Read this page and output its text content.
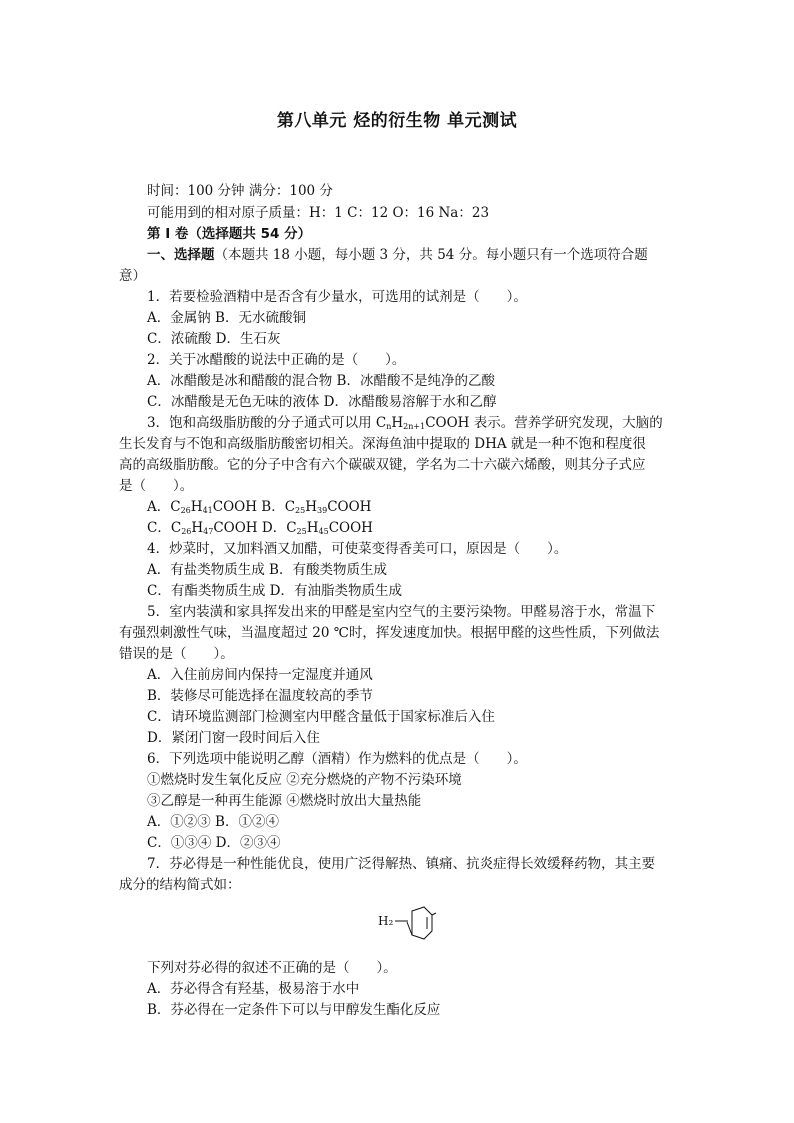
第八单元 烃的衍生物 单元测试
时间：100 分钟 满分：100 分
可能用到的相对原子质量：H：1 C：12 O：16 Na：23
第 I 卷（选择题共 54 分）
一、选择题（本题共 18 小题，每小题 3 分，共 54 分。每小题只有一个选项符合题
意）
1．若要检验酒精中是否含有少量水，可选用的试剂是（　　）。
A．金属钠 B．无水硫酸铜
C．浓硫酸 D．生石灰
2．关于冰醋酸的说法中正确的是（　　）。
A．冰醋酸是冰和醋酸的混合物 B．冰醋酸不是纯净的乙酸
C．冰醋酸是无色无味的液体 D．冰醋酸易溶解于水和乙醇
3．饱和高级脂肪酸的分子通式可以用 $C_nH_{2n+1}COOH$ 表示。营养学研究发现，大脑的
生长发育与不饱和高级脂肪酸密切相关。深海鱼油中提取的 DHA 就是一种不饱和程度很
高的高级脂肪酸。它的分子中含有六个碳碳双键，学名为二十六碳六烯酸，则其分子式应
是（　　）。
A．$C_{26}H_{41}COOH$ B．$C_{25}H_{39}COOH$
C．$C_{26}H_{47}COOH$ D．$C_{25}H_{45}COOH$
4．炒菜时，又加料酒又加醋，可使菜变得香美可口，原因是（　　）。
A．有盐类物质生成 B．有酸类物质生成
C．有酯类物质生成 D．有油脂类物质生成
5．室内装潢和家具挥发出来的甲醛是室内空气的主要污染物。甲醛易溶于水，常温下
有强烈刺激性气味，当温度超过 20 ℃时，挥发速度加快。根据甲醛的这些性质，下列做法
错误的是（　　）。
A．入住前房间内保持一定湿度并通风
B．装修尽可能选择在温度较高的季节
C．请环境监测部门检测室内甲醛含量低于国家标准后入住
D．紧闭门窗一段时间后入住
6．下列选项中能说明乙醇（酒精）作为燃料的优点是（　　）。
①燃烧时发生氧化反应 ②充分燃烧的产物不污染环境
③乙醇是一种再生能源 ④燃烧时放出大量热能
A．①②③ B．①②④
C．①③④ D．②③④
7．芬必得是一种性能优良，使用广泛得解热、镇痛、抗炎症得长效缓释药物，其主要
成分的结构简式如：
H₂
下列对芬必得的叙述不正确的是（　　）。
A．芬必得含有羟基，极易溶于水中
B．芬必得在一定条件下可以与甲醇发生酯化反应
